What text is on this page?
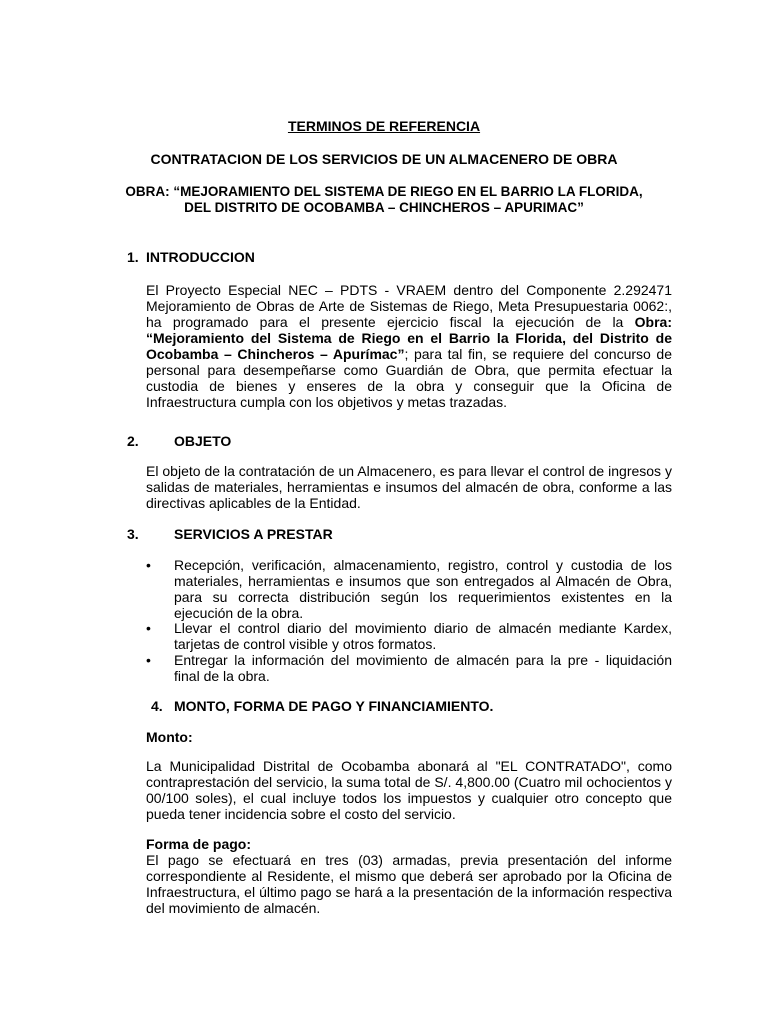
TERMINOS DE REFERENCIA
CONTRATACION DE LOS SERVICIOS DE UN ALMACENERO DE OBRA
OBRA: “MEJORAMIENTO DEL SISTEMA DE RIEGO EN EL BARRIO LA FLORIDA,
DEL DISTRITO DE OCOBAMBA – CHINCHEROS – APURIMAC”
1. INTRODUCCION
El Proyecto Especial NEC – PDTS - VRAEM dentro del Componente 2.292471 Mejoramiento de Obras de Arte de Sistemas de Riego, Meta Presupuestaria 0062:, ha programado para el presente ejercicio fiscal la ejecución de la Obra: “Mejoramiento del Sistema de Riego en el Barrio la Florida, del Distrito de Ocobamba – Chincheros – Apurímac”; para tal fin, se requiere del concurso de personal para desempeñarse como Guardián de Obra, que permita efectuar la custodia de bienes y enseres de la obra y conseguir que la Oficina de Infraestructura cumpla con los objetivos y metas trazadas.
2.	OBJETO
El objeto de la contratación de un Almacenero, es para llevar el control de ingresos y salidas de materiales, herramientas e insumos del almacén de obra, conforme a las directivas aplicables de la Entidad.
3.	SERVICIOS A PRESTAR
•	Recepción, verificación, almacenamiento, registro, control y custodia de los materiales, herramientas e insumos que son entregados al Almacén de Obra, para su correcta distribución según los requerimientos existentes en la ejecución de la obra.
•	Llevar el control diario del movimiento diario de almacén mediante Kardex, tarjetas de control visible y otros formatos.
•	Entregar la información del movimiento de almacén para la pre - liquidación final de la obra.
4. MONTO, FORMA DE PAGO Y FINANCIAMIENTO.
Monto:
La Municipalidad Distrital de Ocobamba abonará al "EL CONTRATADO", como contraprestación del servicio, la suma total de S/. 4,800.00 (Cuatro mil ochocientos y 00/100 soles), el cual incluye todos los impuestos y cualquier otro concepto que pueda tener incidencia sobre el costo del servicio.
Forma de pago:
El pago se efectuará en tres (03) armadas, previa presentación del informe correspondiente al Residente, el mismo que deberá ser aprobado por la Oficina de Infraestructura, el último pago se hará a la presentación de la información respectiva del movimiento de almacén.
